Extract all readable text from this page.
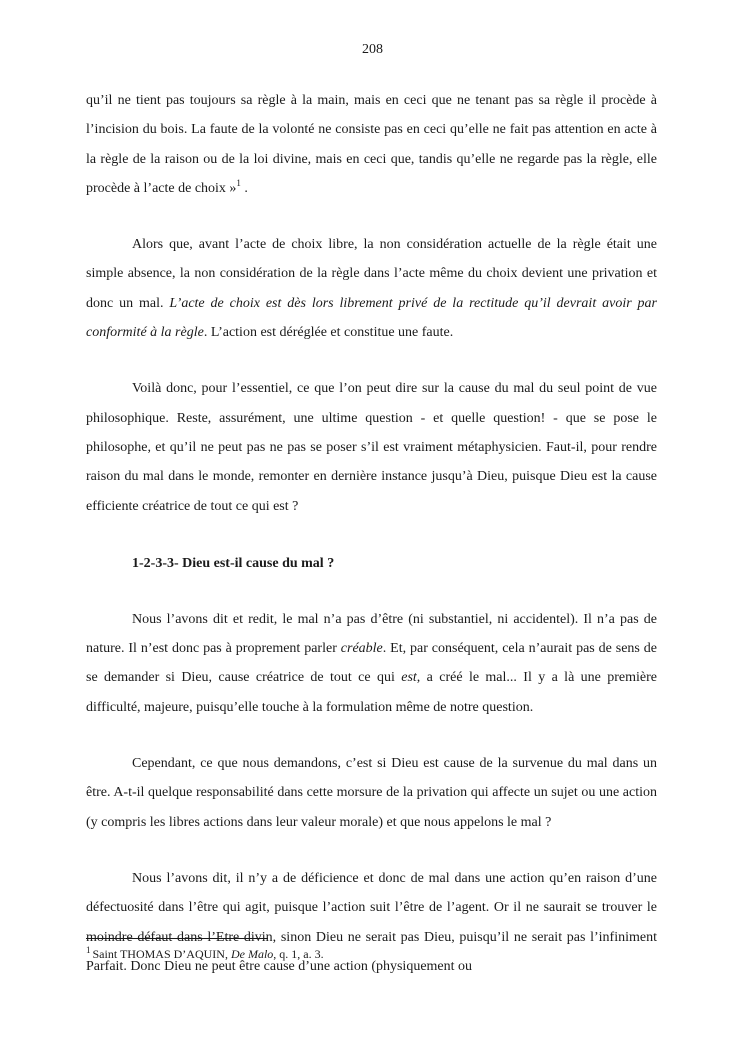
208

qu’il ne tient pas toujours sa règle à la main, mais en ceci que ne tenant pas sa règle il procède à l’incision du bois. La faute de la volonté ne consiste pas en ceci qu’elle ne fait pas attention en acte à la règle de la raison ou de la loi divine, mais en ceci que, tandis qu’elle ne regarde pas la règle, elle procède à l’acte de choix »$^1$ .

Alors que, avant l’acte de choix libre, la non considération actuelle de la règle était une simple absence, la non considération de la règle dans l’acte même du choix devient une privation et donc un mal. L’acte de choix est dès lors librement privé de la rectitude qu’il devrait avoir par conformité à la règle. L’action est déréglée et constitue une faute.

Voilà donc, pour l’essentiel, ce que l’on peut dire sur la cause du mal du seul point de vue philosophique. Reste, assurément, une ultime question - et quelle question! - que se pose le philosophe, et qu’il ne peut pas ne pas se poser s’il est vraiment métaphysicien. Faut-il, pour rendre raison du mal dans le monde, remonter en dernière instance jusqu’à Dieu, puisque Dieu est la cause efficiente créatrice de tout ce qui est ?

1-2-3-3- Dieu est-il cause du mal ?

Nous l’avons dit et redit, le mal n’a pas d’être (ni substantiel, ni accidentel). Il n’a pas de nature. Il n’est donc pas à proprement parler créable. Et, par conséquent, cela n’aurait pas de sens de se demander si Dieu, cause créatrice de tout ce qui est, a créé le mal... Il y a là une première difficulté, majeure, puisqu’elle touche à la formulation même de notre question.

Cependant, ce que nous demandons, c’est si Dieu est cause de la survenue du mal dans un être. A-t-il quelque responsabilité dans cette morsure de la privation qui affecte un sujet ou une action (y compris les libres actions dans leur valeur morale) et que nous appelons le mal ?

Nous l’avons dit, il n’y a de déficience et donc de mal dans une action qu’en raison d’une défectuosité dans l’être qui agit, puisque l’action suit l’être de l’agent. Or il ne saurait se trouver le moindre défaut dans l’Etre divin, sinon Dieu ne serait pas Dieu, puisqu’il ne serait pas l’infiniment Parfait. Donc Dieu ne peut être cause d’une action (physiquement ou

$^1$ Saint THOMAS D’AQUIN, De Malo, q. 1, a. 3.
